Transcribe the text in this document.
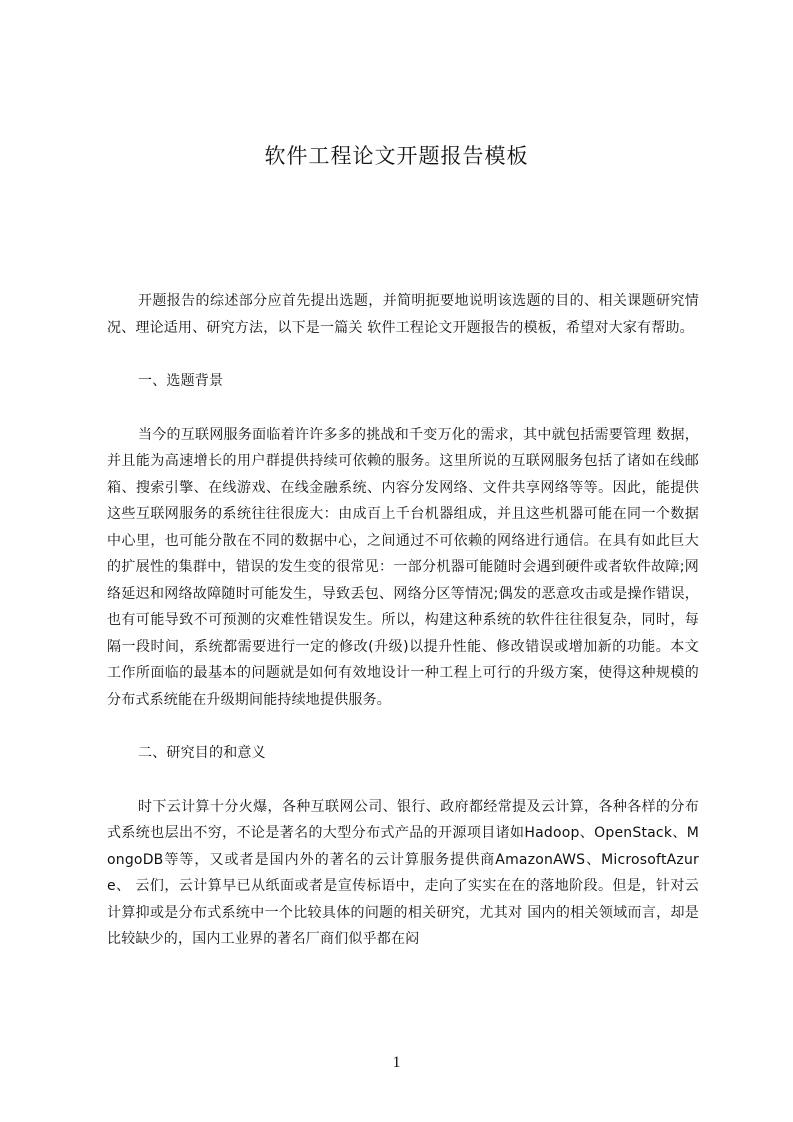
软件工程论文开题报告模板

开题报告的综述部分应首先提出选题，并简明扼要地说明该选题的目的、相关课题研究情况、理论适用、研究方法，以下是一篇关 软件工程论文开题报告的模板，希望对大家有帮助。

一、选题背景

当今的互联网服务面临着许许多多的挑战和千变万化的需求，其中就包括需要管理 数据，并且能为高速增长的用户群提供持续可依赖的服务。这里所说的互联网服务包括了诸如在线邮箱、搜索引擎、在线游戏、在线金融系统、内容分发网络、文件共享网络等等。因此，能提供这些互联网服务的系统往往很庞大：由成百上千台机器组成，并且这些机器可能在同一个数据中心里，也可能分散在不同的数据中心，之间通过不可依赖的网络进行通信。在具有如此巨大的扩展性的集群中，错误的发生变的很常见：一部分机器可能随时会遇到硬件或者软件故障;网络延迟和网络故障随时可能发生，导致丢包、网络分区等情况;偶发的恶意攻击或是操作错误，也有可能导致不可预测的灾难性错误发生。所以，构建这种系统的软件往往很复杂，同时，每隔一段时间，系统都需要进行一定的修改(升级)以提升性能、修改错误或增加新的功能。本文工作所面临的最基本的问题就是如何有效地设计一种工程上可行的升级方案，使得这种规模的分布式系统能在升级期间能持续地提供服务。

二、研究目的和意义

时下云计算十分火爆，各种互联网公司、银行、政府都经常提及云计算，各种各样的分布式系统也层出不穷，不论是著名的大型分布式产品的开源项目诸如Hadoop、OpenStack、MongoDB等等，又或者是国内外的著名的云计算服务提供商AmazonAWS、MicrosoftAzure、 云们，云计算早已从纸面或者是宣传标语中，走向了实实在在的落地阶段。但是，针对云计算抑或是分布式系统中一个比较具体的问题的相关研究，尤其对 国内的相关领域而言，却是比较缺少的，国内工业界的著名厂商们似乎都在闷

1
